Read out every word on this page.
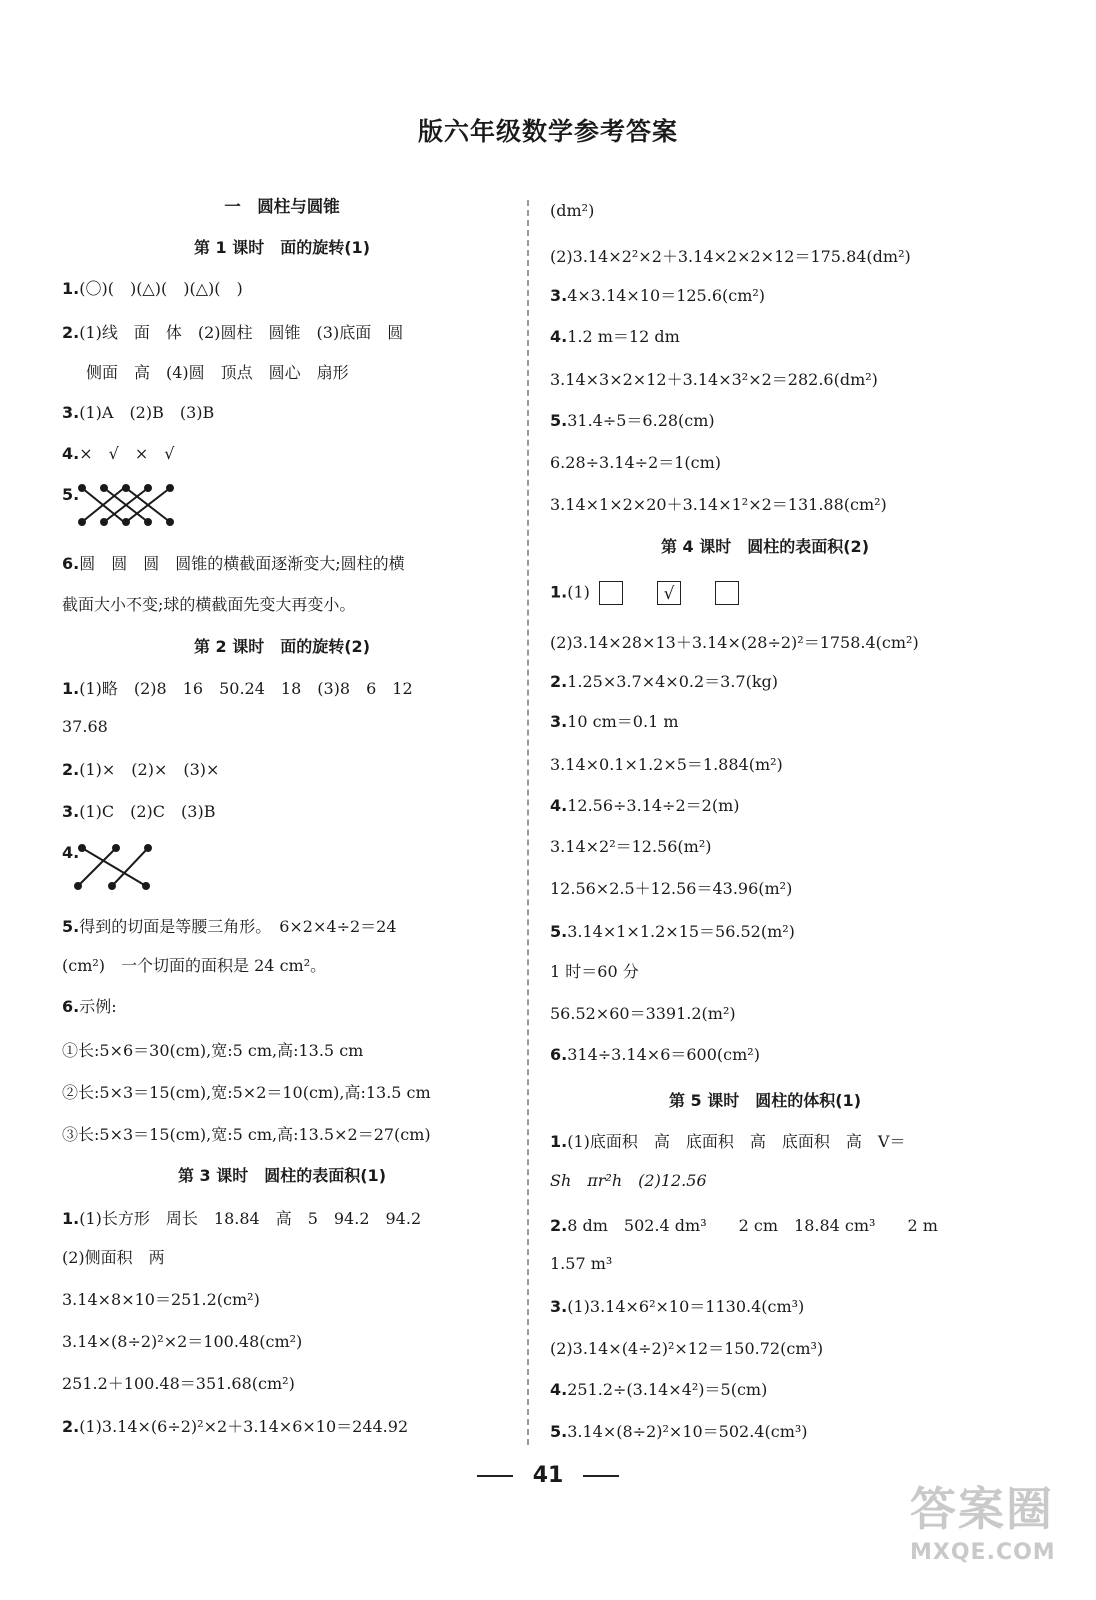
版六年级数学参考答案
一　圆柱与圆锥
第 1 课时　面的旋转(1)
1.(〇)(　)(△)(　)(△)(　)
2.(1)线　面　体　(2)圆柱　圆锥　(3)底面　圆
侧面　高　(4)圆　顶点　圆心　扇形
3.(1)A　(2)B　(3)B
4.×　√　×　√
5.
6.圆　圆　圆　圆锥的横截面逐渐变大;圆柱的横
截面大小不变;球的横截面先变大再变小。
第 2 课时　面的旋转(2)
1.(1)略　(2)8　16　50.24　18　(3)8　6　12
37.68
2.(1)×　(2)×　(3)×
3.(1)C　(2)C　(3)B
4.
5.得到的切面是等腰三角形。　6×2×4÷2＝24
(cm²)　一个切面的面积是 24 cm²。
6.示例:
①长:5×6＝30(cm),宽:5 cm,高:13.5 cm
②长:5×3＝15(cm),宽:5×2＝10(cm),高:13.5 cm
③长:5×3＝15(cm),宽:5 cm,高:13.5×2＝27(cm)
第 3 课时　圆柱的表面积(1)
1.(1)长方形　周长　18.84　高　5　94.2　94.2
(2)侧面积　两
3.14×8×10＝251.2(cm²)
3.14×(8÷2)²×2＝100.48(cm²)
251.2＋100.48＝351.68(cm²)
2.(1)3.14×(6÷2)²×2＋3.14×6×10＝244.92
(dm²)
(2)3.14×2²×2＋3.14×2×2×12＝175.84(dm²)
3.4×3.14×10＝125.6(cm²)
4.1.2 m＝12 dm
3.14×3×2×12＋3.14×3²×2＝282.6(dm²)
5.31.4÷5＝6.28(cm)
6.28÷3.14÷2＝1(cm)
3.14×1×2×20＋3.14×1²×2＝131.88(cm²)
第 4 课时　圆柱的表面积(2)
1.(1)	√
(2)3.14×28×13＋3.14×(28÷2)²＝1758.4(cm²)
2.1.25×3.7×4×0.2＝3.7(kg)
3.10 cm＝0.1 m
3.14×0.1×1.2×5＝1.884(m²)
4.12.56÷3.14÷2＝2(m)
3.14×2²＝12.56(m²)
12.56×2.5＋12.56＝43.96(m²)
5.3.14×1×1.2×15＝56.52(m²)
1 时＝60 分
56.52×60＝3391.2(m²)
6.314÷3.14×6＝600(cm²)
第 5 课时　圆柱的体积(1)
1.(1)底面积　高　底面积　高　底面积　高　V＝
Sh　πr²h　(2)12.56
2.8 dm　502.4 dm³　　2 cm　18.84 cm³　　2 m
1.57 m³
3.(1)3.14×6²×10＝1130.4(cm³)
(2)3.14×(4÷2)²×12＝150.72(cm³)
4.251.2÷(3.14×4²)＝5(cm)
5.3.14×(8÷2)²×10＝502.4(cm³)
41
答案圈
MXQE.COM
